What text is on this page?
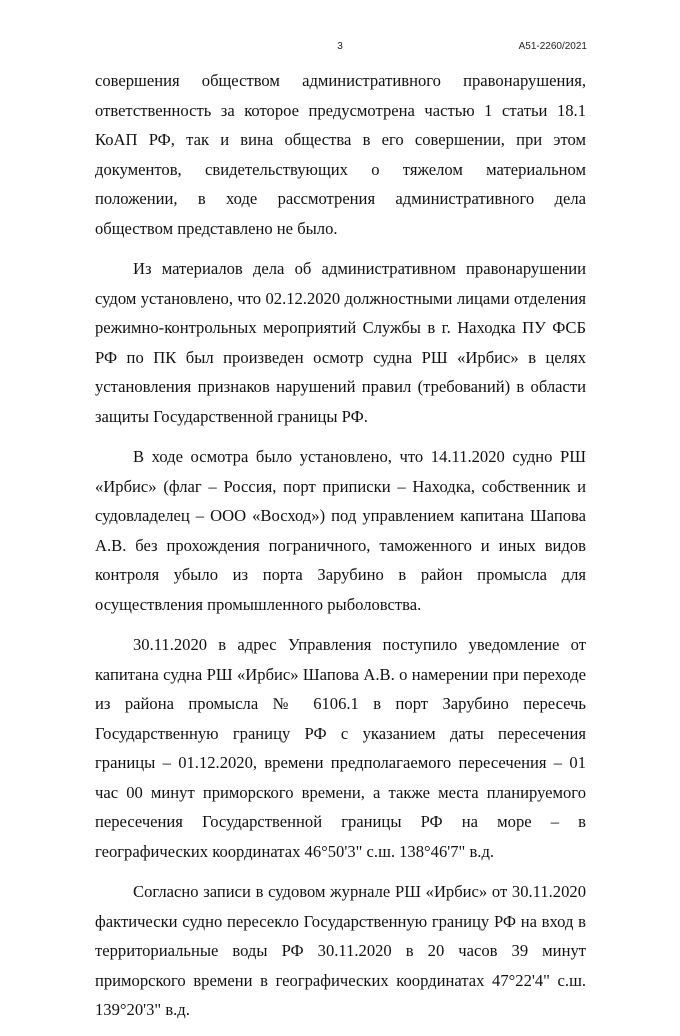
3	А51-2260/2021

совершения обществом административного правонарушения, ответственность за которое предусмотрена частью 1 статьи 18.1 КоАП РФ, так и вина общества в его совершении, при этом документов, свидетельствующих о тяжелом материальном положении, в ходе рассмотрения административного дела обществом представлено не было.

Из материалов дела об административном правонарушении судом установлено, что 02.12.2020 должностными лицами отделения режимно-контрольных мероприятий Службы в г. Находка ПУ ФСБ РФ по ПК был произведен осмотр судна РШ «Ирбис» в целях установления признаков нарушений правил (требований) в области защиты Государственной границы РФ.

В ходе осмотра было установлено, что 14.11.2020 судно РШ «Ирбис» (флаг – Россия, порт приписки – Находка, собственник и судовладелец – ООО «Восход») под управлением капитана Шапова А.В. без прохождения пограничного, таможенного и иных видов контроля убыло из порта Зарубино в район промысла для осуществления промышленного рыболовства.

30.11.2020 в адрес Управления поступило уведомление от капитана судна РШ «Ирбис» Шапова А.В. о намерении при переходе из района промысла № 6106.1 в порт Зарубино пересечь Государственную границу РФ с указанием даты пересечения границы – 01.12.2020, времени предполагаемого пересечения – 01 час 00 минут приморского времени, а также места планируемого пересечения Государственной границы РФ на море – в географических координатах 46°50'3" с.ш. 138°46'7" в.д.

Согласно записи в судовом журнале РШ «Ирбис» от 30.11.2020 фактически судно пересекло Государственную границу РФ на вход в территориальные воды РФ 30.11.2020 в 20 часов 39 минут приморского времени в географических координатах 47°22'4" с.ш. 139°20'3" в.д.
